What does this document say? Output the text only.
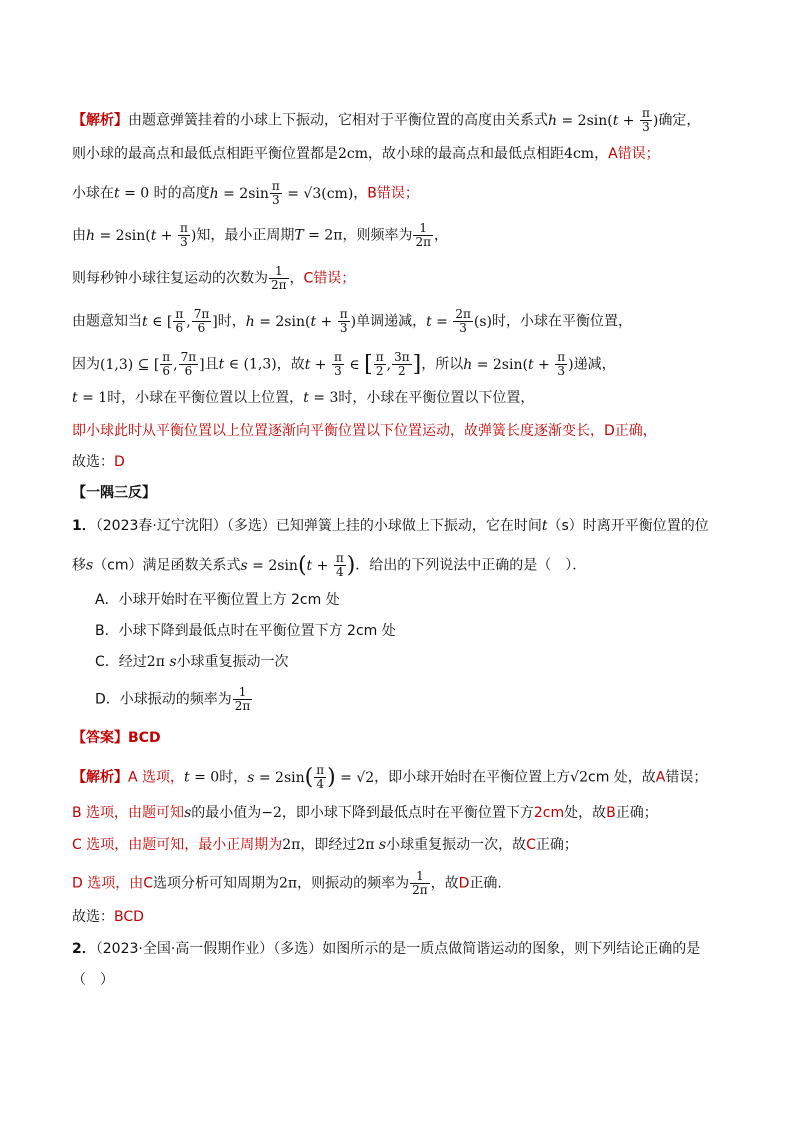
【解析】由题意弹簧挂着的小球上下振动，它相对于平衡位置的高度由关系式$h = 2\sin(t + \frac{\pi}{3}$ )确定，
则小球的最高点和最低点相距平衡位置都是2cm，故小球的最高点和最低点相距4cm，A错误；
小球在t = 0 时的高度$h = 2\sin \frac{\pi}{3} = √3(cm)$，B错误；
由$h = 2\sin(t + \frac{\pi}{3}$ )知，最小正周期T = 2π，则频率为 $\frac{1}{2\pi}$ ，
则每秒钟小球往复运动的次数为 $\frac{1}{2\pi}$ ，C错误；
由题意知当t ∈ [ $\frac{\pi}{6}$ , $\frac{7\pi}{6}$ ]时，$h = 2\sin(t + \frac{\pi}{3}$ )单调递减，$t = \frac{2\pi}{3} (s)$时，小球在平衡位置，
因为(1,3) ⊆ [ $\frac{\pi}{6}$ , $\frac{7\pi}{6}$ ]且t ∈ (1,3)，故$t + \frac{\pi}{3}$ ∈ [ $\frac{\pi}{2}$ , $\frac{3\pi}{2}$ ]，所以$h = 2\sin(t + \frac{\pi}{3}$ )递减，
t = 1时，小球在平衡位置以上位置，t = 3时，小球在平衡位置以下位置，
即小球此时从平衡位置以上位置逐渐向平衡位置以下位置运动，故弹簧长度逐渐变长，D正确，
故选：D
【一隅三反】
1．（2023春·辽宁沈阳）（多选）已知弹簧上挂的小球做上下振动，它在时间t（s）时离开平衡位置的位
移s（cm）满足函数关系式$s = 2\sin(t + \frac{\pi}{4}$ )．给出的下列说法中正确的是（　）．
A．小球开始时在平衡位置上方 2cm 处
B．小球下降到最低点时在平衡位置下方 2cm 处
C．经过2π s小球重复振动一次
D．小球振动的频率为 $\frac{1}{2\pi}$
【答案】BCD
【解析】A 选项，t = 0时，$s = 2\sin( \frac{\pi}{4}$ ) = √2，即小球开始时在平衡位置上方√2cm 处，故A错误；
B 选项，由题可知s的最小值为−2，即小球下降到最低点时在平衡位置下方2cm处，故B正确；
C 选项，由题可知，最小正周期为2π，即经过2π s小球重复振动一次，故C正确；
D 选项，由C选项分析可知周期为2π，则振动的频率为 $\frac{1}{2\pi}$ ，故D正确.
故选：BCD
2．（2023·全国·高一假期作业）（多选）如图所示的是一质点做简谐运动的图象，则下列结论正确的是
（　）
